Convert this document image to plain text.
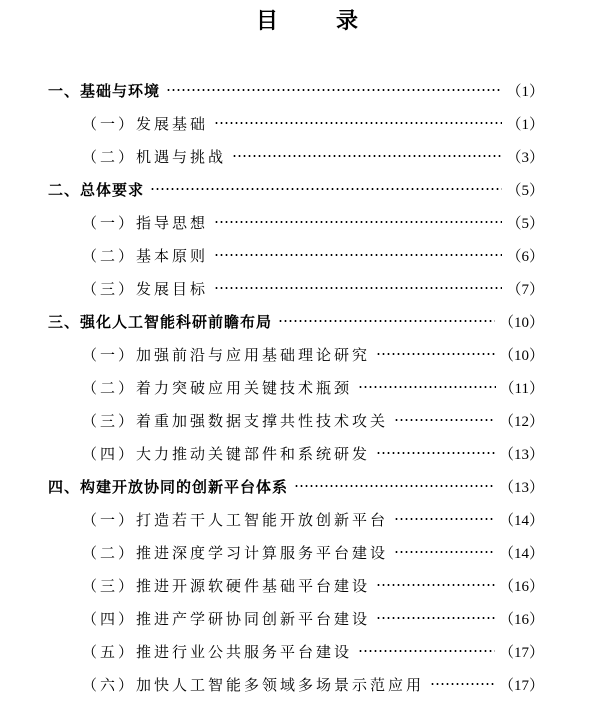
目 录
一、基础与环境	（1）
（一）发展基础	（1）
（二）机遇与挑战	（3）
二、总体要求	（5）
（一）指导思想	（5）
（二）基本原则	（6）
（三）发展目标	（7）
三、强化人工智能科研前瞻布局	（10）
（一）加强前沿与应用基础理论研究	（10）
（二）着力突破应用关键技术瓶颈	（11）
（三）着重加强数据支撑共性技术攻关	（12）
（四）大力推动关键部件和系统研发	（13）
四、构建开放协同的创新平台体系	（13）
（一）打造若干人工智能开放创新平台	（14）
（二）推进深度学习计算服务平台建设	（14）
（三）推进开源软硬件基础平台建设	（16）
（四）推进产学研协同创新平台建设	（16）
（五）推进行业公共服务平台建设	（17）
（六）加快人工智能多领域多场景示范应用	（17）
